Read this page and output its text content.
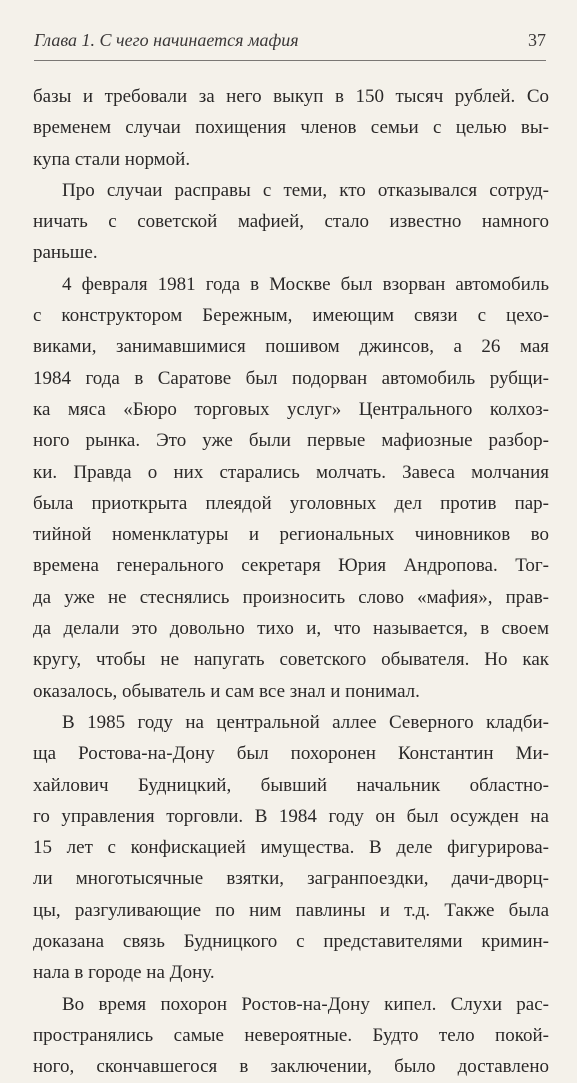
Глава 1. С чего начинается мафия	37
базы и требовали за него выкуп в 150 тысяч рублей. Со
временем случаи похищения членов семьи с целью вы-
купа стали нормой.
Про случаи расправы с теми, кто отказывался сотруд-
ничать с советской мафией, стало известно намного
раньше.
4 февраля 1981 года в Москве был взорван автомобиль
с конструктором Бережным, имеющим связи с цехо-
виками, занимавшимися пошивом джинсов, а 26 мая
1984 года в Саратове был подорван автомобиль рубщи-
ка мяса «Бюро торговых услуг» Центрального колхоз-
ного рынка. Это уже были первые мафиозные разбор-
ки. Правда о них старались молчать. Завеса молчания
была приоткрыта плеядой уголовных дел против пар-
тийной номенклатуры и региональных чиновников во
времена генерального секретаря Юрия Андропова. Тог-
да уже не стеснялись произносить слово «мафия», прав-
да делали это довольно тихо и, что называется, в своем
кругу, чтобы не напугать советского обывателя. Но как
оказалось, обыватель и сам все знал и понимал.
В 1985 году на центральной аллее Северного кладби-
ща Ростова-на-Дону был похоронен Константин Ми-
хайлович Будницкий, бывший начальник областно-
го управления торговли. В 1984 году он был осужден на
15 лет с конфискацией имущества. В деле фигурирова-
ли многотысячные взятки, загранпоездки, дачи-дворц-
цы, разгуливающие по ним павлины и т.д. Также была
доказана связь Будницкого с представителями кримин-
нала в городе на Дону.
Во время похорон Ростов-на-Дону кипел. Слухи рас-
пространялись самые невероятные. Будто тело покой-
ного, скончавшегося в заключении, было доставлено
